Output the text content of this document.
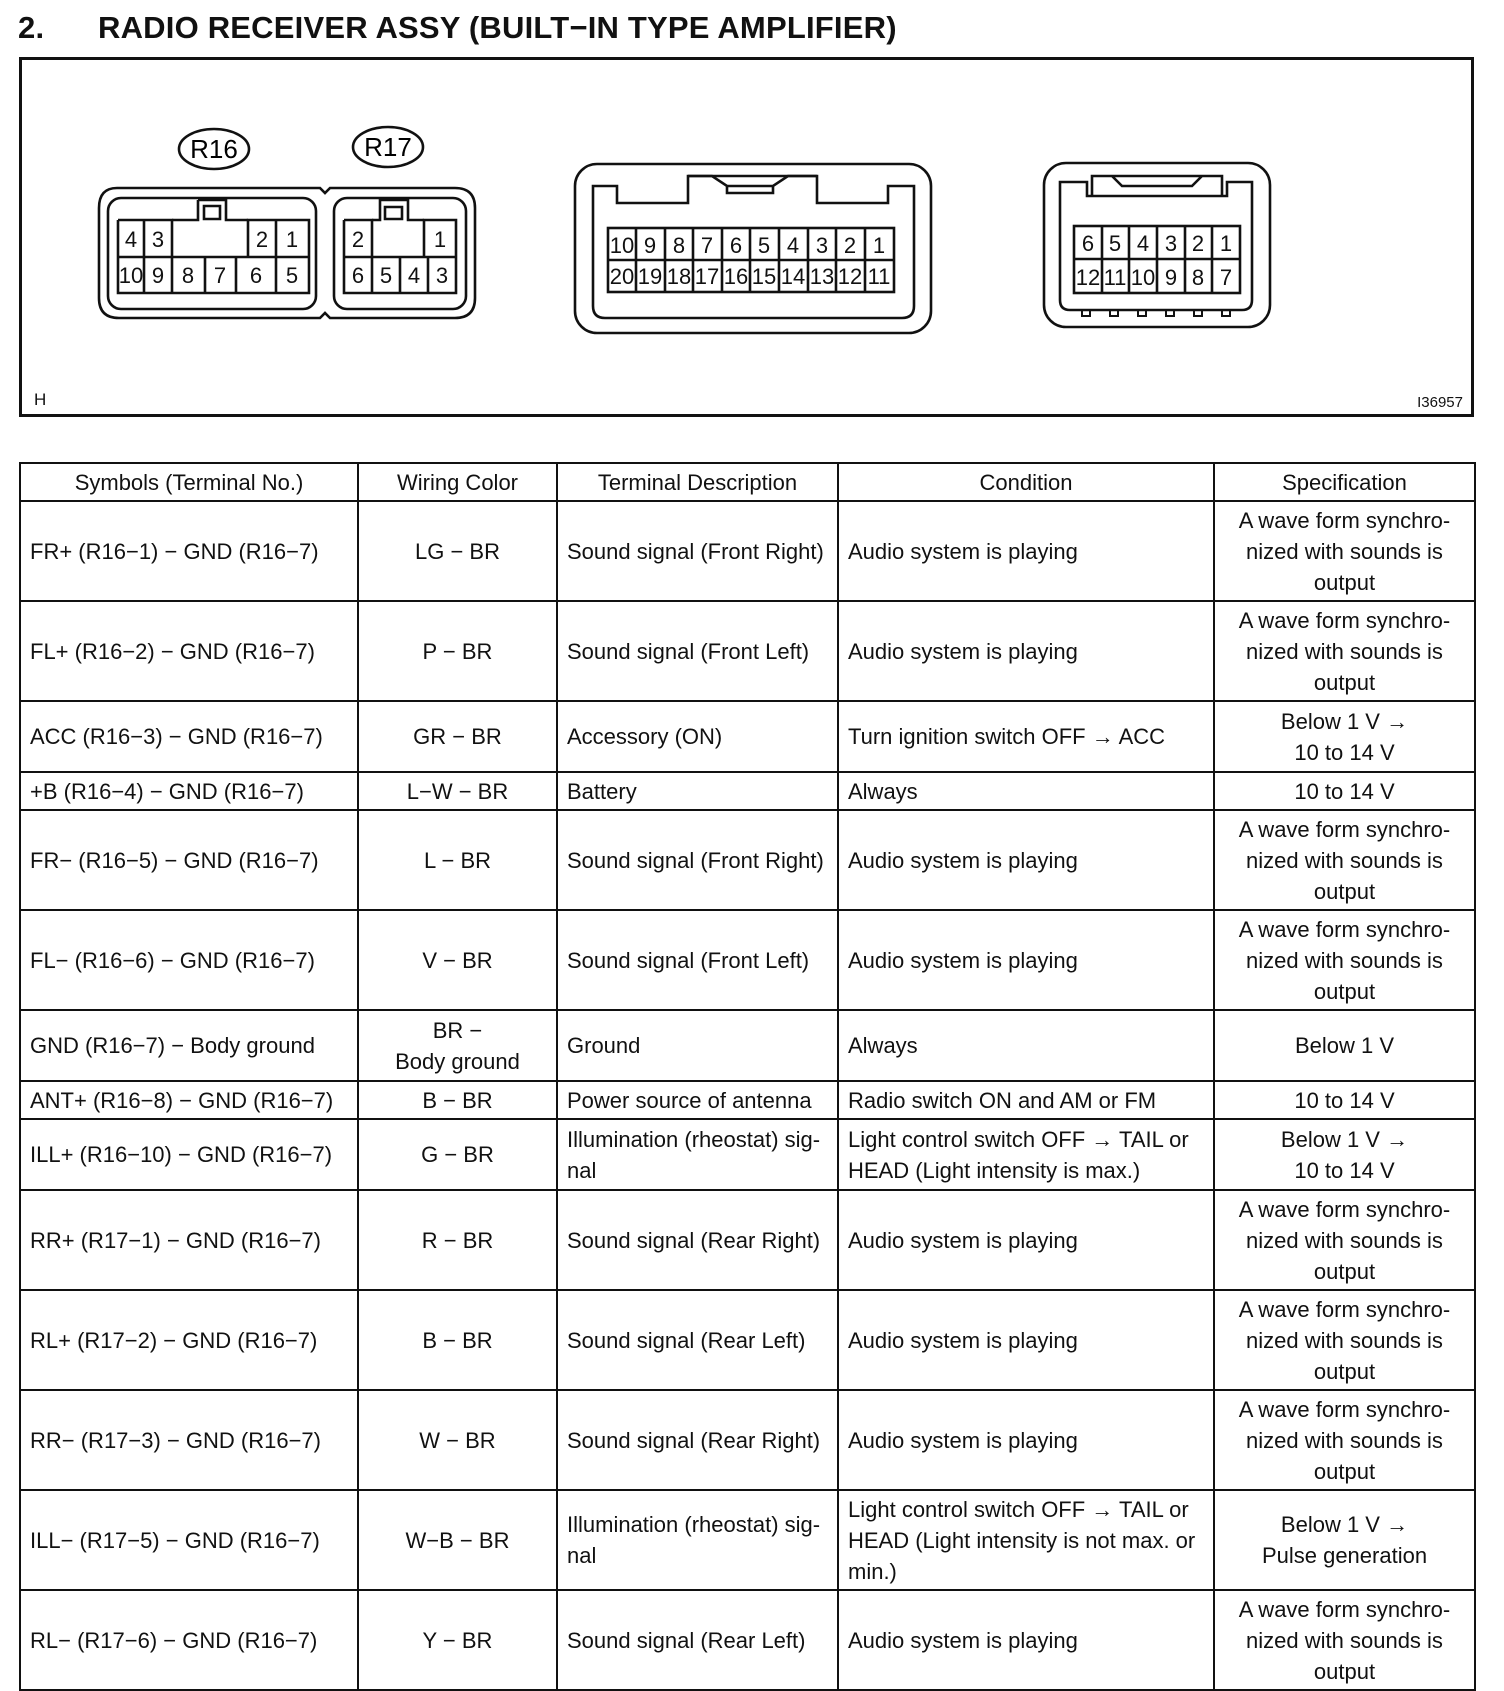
2. RADIO RECEIVER ASSY (BUILT−IN TYPE AMPLIFIER)
R16	R17
4 3	2 1
10 9 8 7 6 5
2	1
6 5 4 3
10 9 8 7 6 5 4 3 2 1
20 19 18 17 16 15 14 13 12 11
6 5 4 3 2 1
12 11 10 9 8 7
H	I36957
Symbols (Terminal No.)	Wiring Color	Terminal Description	Condition	Specification
FR+ (R16−1) − GND (R16−7)	LG − BR	Sound signal (Front Right)	Audio system is playing	A wave form synchro-
nized with sounds is
output
FL+ (R16−2) − GND (R16−7)	P − BR	Sound signal (Front Left)	Audio system is playing	A wave form synchro-
nized with sounds is
output
ACC (R16−3) − GND (R16−7)	GR − BR	Accessory (ON)	Turn ignition switch OFF → ACC	Below 1 V →
10 to 14 V
+B (R16−4) − GND (R16−7)	L−W − BR	Battery	Always	10 to 14 V
FR− (R16−5) − GND (R16−7)	L − BR	Sound signal (Front Right)	Audio system is playing	A wave form synchro-
nized with sounds is
output
FL− (R16−6) − GND (R16−7)	V − BR	Sound signal (Front Left)	Audio system is playing	A wave form synchro-
nized with sounds is
output
GND (R16−7) − Body ground	BR −
Body ground	Ground	Always	Below 1 V
ANT+ (R16−8) − GND (R16−7)	B − BR	Power source of antenna	Radio switch ON and AM or FM	10 to 14 V
ILL+ (R16−10) − GND (R16−7)	G − BR	Illumination (rheostat) sig-
nal	Light control switch OFF → TAIL or
HEAD (Light intensity is max.)	Below 1 V →
10 to 14 V
RR+ (R17−1) − GND (R16−7)	R − BR	Sound signal (Rear Right)	Audio system is playing	A wave form synchro-
nized with sounds is
output
RL+ (R17−2) − GND (R16−7)	B − BR	Sound signal (Rear Left)	Audio system is playing	A wave form synchro-
nized with sounds is
output
RR− (R17−3) − GND (R16−7)	W − BR	Sound signal (Rear Right)	Audio system is playing	A wave form synchro-
nized with sounds is
output
ILL− (R17−5) − GND (R16−7)	W−B − BR	Illumination (rheostat) sig-
nal	Light control switch OFF → TAIL or
HEAD (Light intensity is not max. or
min.)	Below 1 V →
Pulse generation
RL− (R17−6) − GND (R16−7)	Y − BR	Sound signal (Rear Left)	Audio system is playing	A wave form synchro-
nized with sounds is
output
